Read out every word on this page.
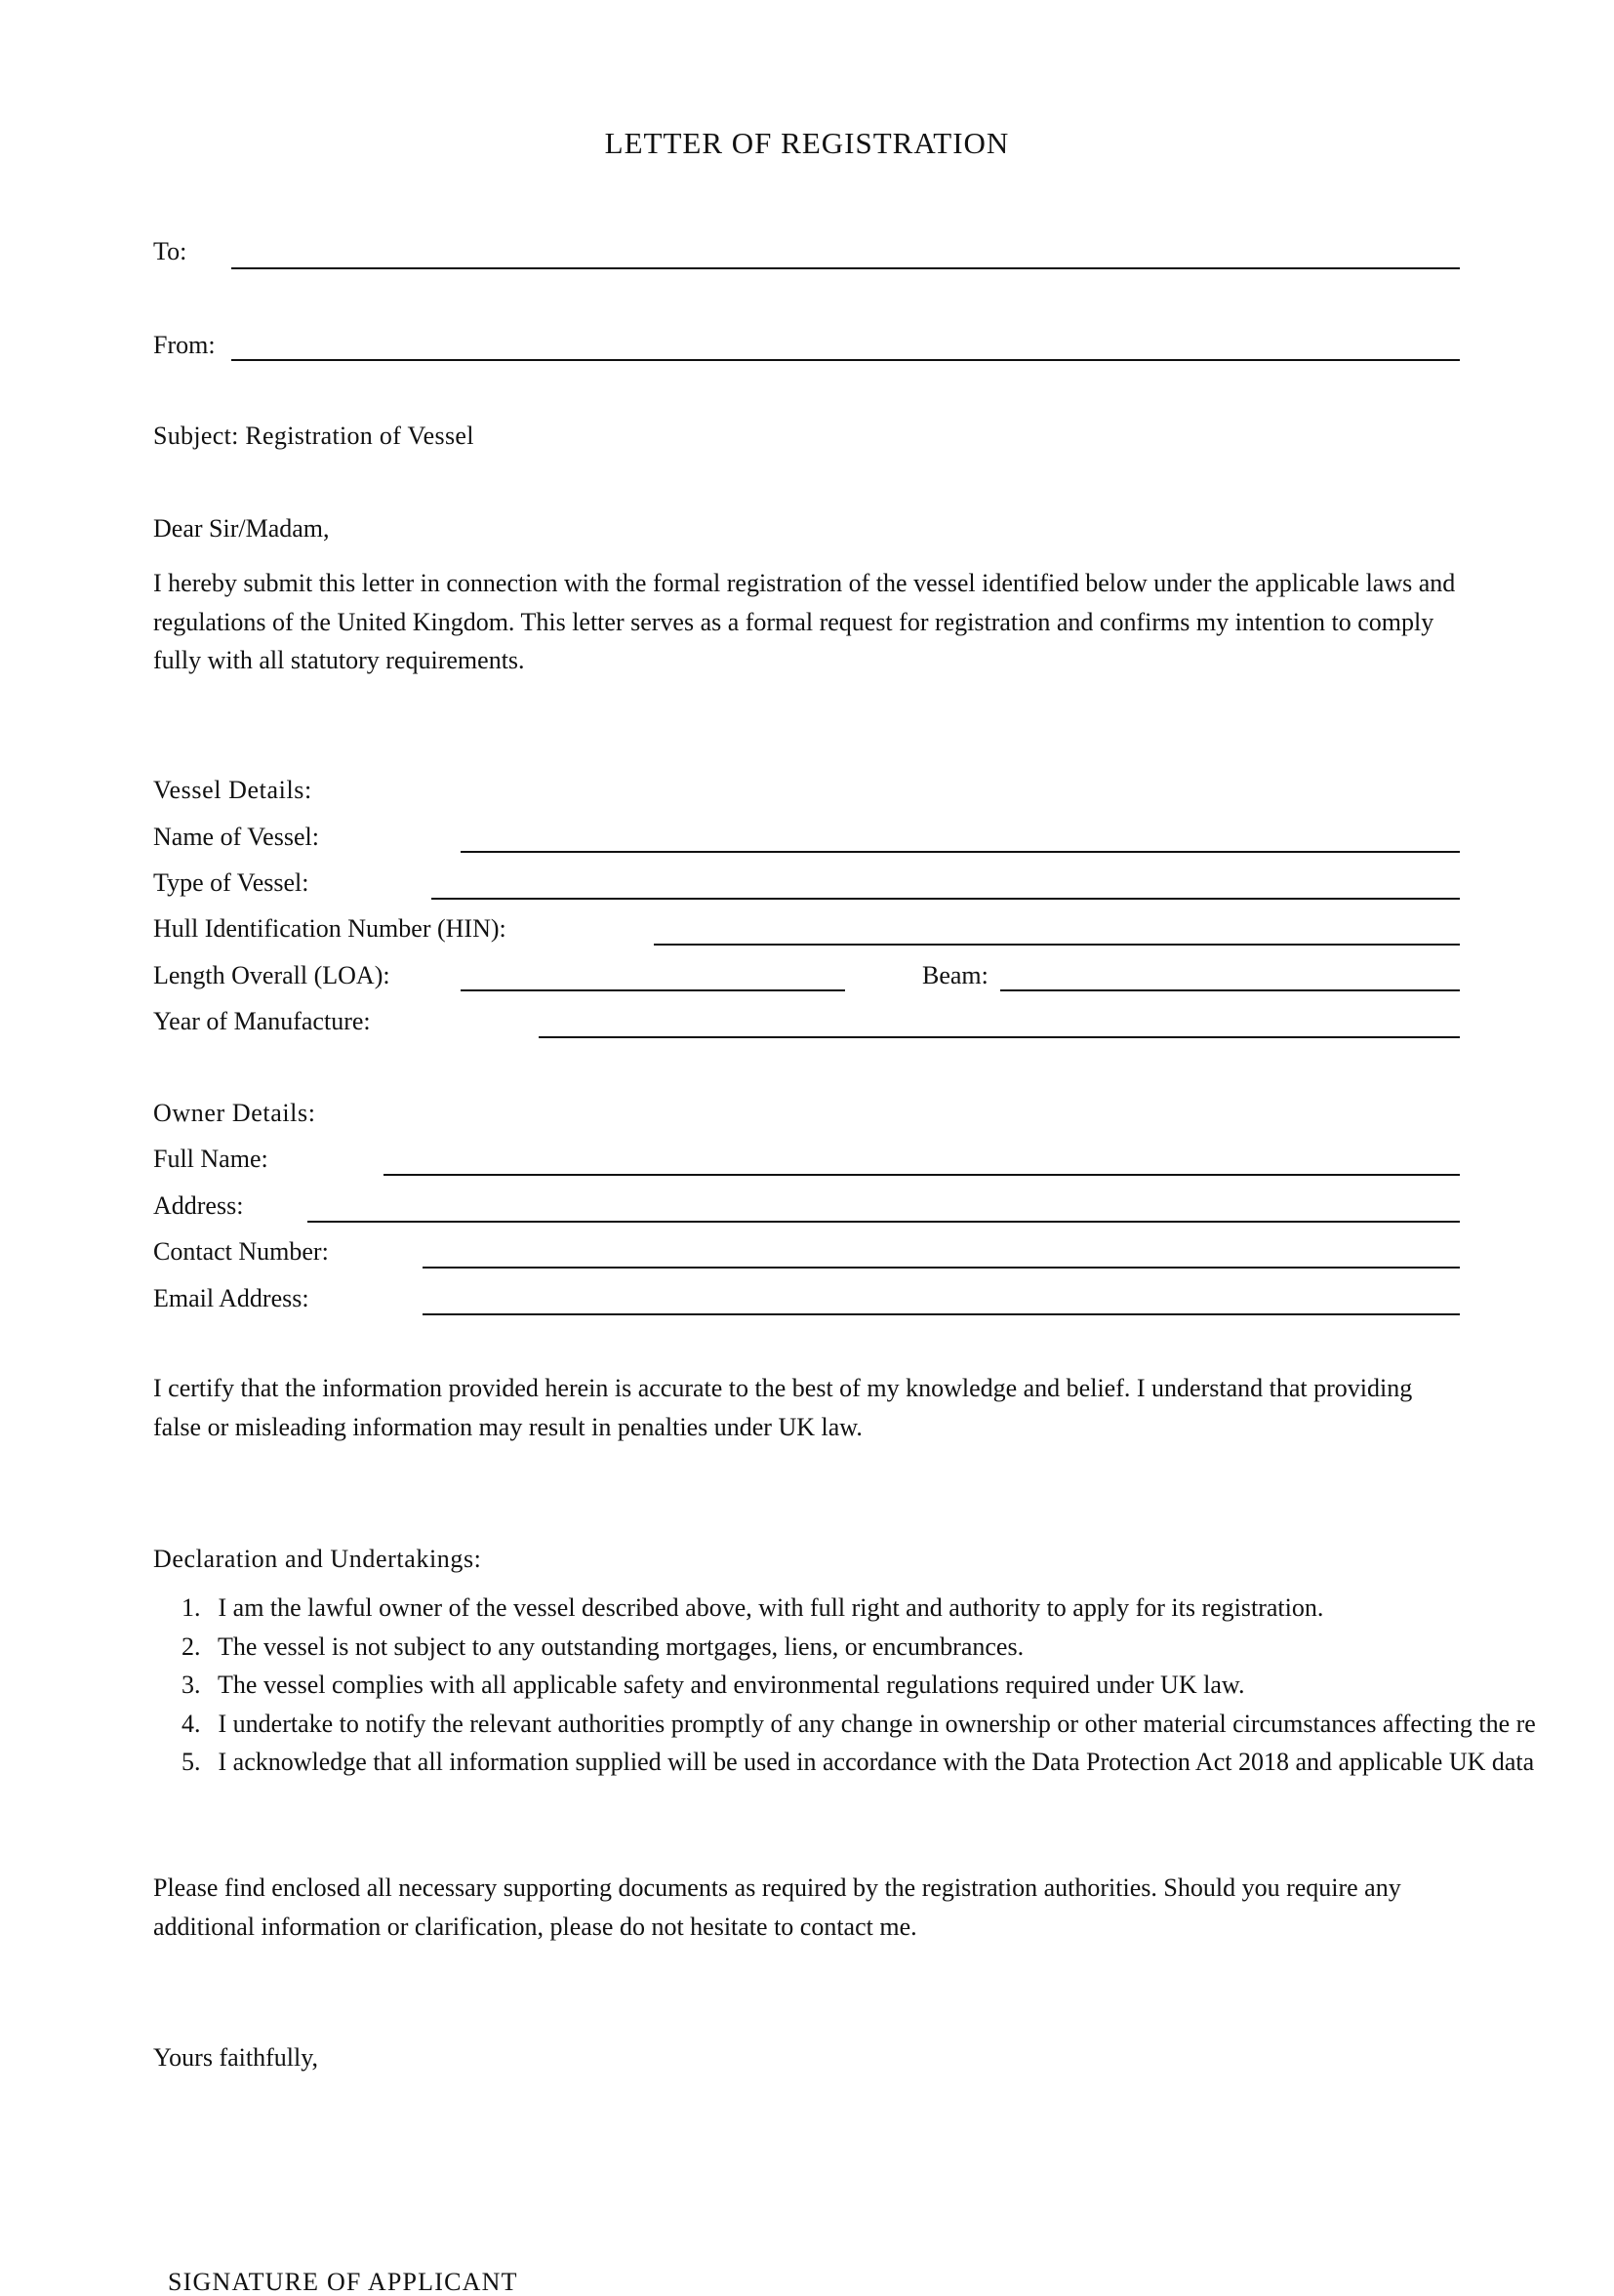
LETTER OF REGISTRATION
To:
From:
Subject: Registration of Vessel
Dear Sir/Madam,
I hereby submit this letter in connection with the formal registration of the vessel identified below under the applicable laws and regulations of the United Kingdom. This letter serves as a formal request for registration and confirms my intention to comply fully with all statutory requirements.
Vessel Details:
Name of Vessel:
Type of Vessel:
Hull Identification Number (HIN):
Length Overall (LOA):	Beam:
Year of Manufacture:
Owner Details:
Full Name:
Address:
Contact Number:
Email Address:
I certify that the information provided herein is accurate to the best of my knowledge and belief. I understand that providing false or misleading information may result in penalties under UK law.
Declaration and Undertakings:
1. I am the lawful owner of the vessel described above, with full right and authority to apply for its registration.
2. The vessel is not subject to any outstanding mortgages, liens, or encumbrances.
3. The vessel complies with all applicable safety and environmental regulations required under UK law.
4. I undertake to notify the relevant authorities promptly of any change in ownership or other material circumstances affecting the re
5. I acknowledge that all information supplied will be used in accordance with the Data Protection Act 2018 and applicable UK data
Please find enclosed all necessary supporting documents as required by the registration authorities. Should you require any additional information or clarification, please do not hesitate to contact me.
Yours faithfully,
SIGNATURE OF APPLICANT
